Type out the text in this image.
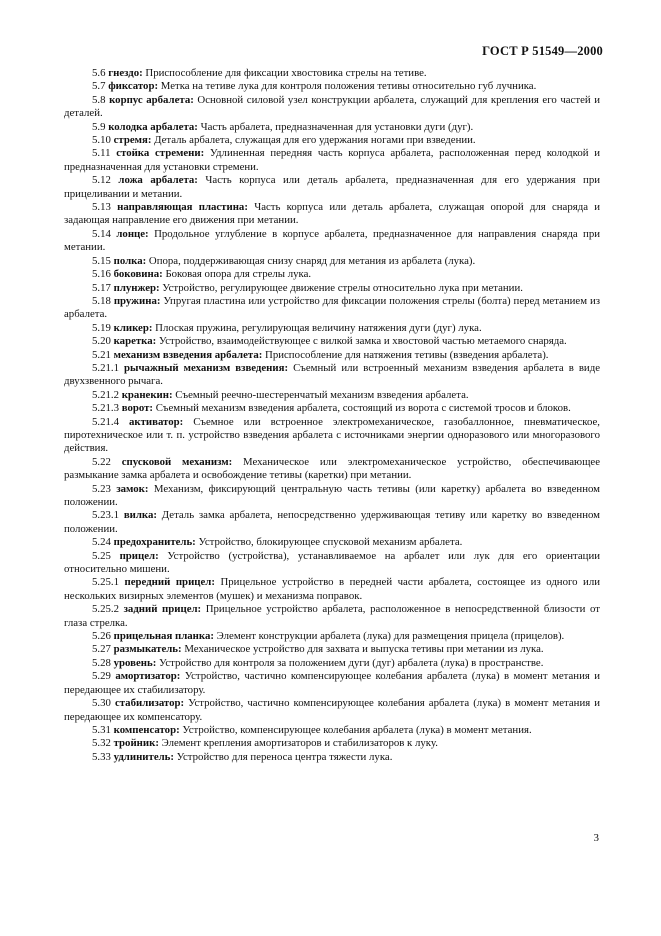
ГОСТ Р 51549—2000

5.6 гнездо: Приспособление для фиксации хвостовика стрелы на тетиве.

5.7 фиксатор: Метка на тетиве лука для контроля положения тетивы относительно губ лучника.

5.8 корпус арбалета: Основной силовой узел конструкции арбалета, служащий для крепления его частей и деталей.

5.9 колодка арбалета: Часть арбалета, предназначенная для установки дуги (дуг).

5.10 стремя: Деталь арбалета, служащая для его удержания ногами при взведении.

5.11 стойка стремени: Удлиненная передняя часть корпуса арбалета, расположенная перед колодкой и предназначенная для установки стремени.

5.12 ложа арбалета: Часть корпуса или деталь арбалета, предназначенная для его удержания при прицеливании и метании.

5.13 направляющая пластина: Часть корпуса или деталь арбалета, служащая опорой для снаряда и задающая направление его движения при метании.

5.14 лонце: Продольное углубление в корпусе арбалета, предназначенное для направления снаряда при метании.

5.15 полка: Опора, поддерживающая снизу снаряд для метания из арбалета (лука).

5.16 боковина: Боковая опора для стрелы лука.

5.17 плунжер: Устройство, регулирующее движение стрелы относительно лука при метании.

5.18 пружина: Упругая пластина или устройство для фиксации положения стрелы (болта) перед метанием из арбалета.

5.19 кликер: Плоская пружина, регулирующая величину натяжения дуги (дуг) лука.

5.20 каретка: Устройство, взаимодействующее с вилкой замка и хвостовой частью метаемого снаряда.

5.21 механизм взведения арбалета: Приспособление для натяжения тетивы (взведения арбалета).

5.21.1 рычажный механизм взведения: Съемный или встроенный механизм взведения арбалета в виде двухзвенного рычага.

5.21.2 кранекин: Съемный реечно-шестеренчатый механизм взведения арбалета.

5.21.3 ворот: Съемный механизм взведения арбалета, состоящий из ворота с системой тросов и блоков.

5.21.4 активатор: Съемное или встроенное электромеханическое, газобаллонное, пневматическое, пиротехническое или т. п. устройство взведения арбалета с источниками энергии одноразового или многоразового действия.

5.22 спусковой механизм: Механическое или электромеханическое устройство, обеспечивающее размыкание замка арбалета и освобождение тетивы (каретки) при метании.

5.23 замок: Механизм, фиксирующий центральную часть тетивы (или каретку) арбалета во взведенном положении.

5.23.1 вилка: Деталь замка арбалета, непосредственно удерживающая тетиву или каретку во взведенном положении.

5.24 предохранитель: Устройство, блокирующее спусковой механизм арбалета.

5.25 прицел: Устройство (устройства), устанавливаемое на арбалет или лук для его ориентации относительно мишени.

5.25.1 передний прицел: Прицельное устройство в передней части арбалета, состоящее из одного или нескольких визирных элементов (мушек) и механизма поправок.

5.25.2 задний прицел: Прицельное устройство арбалета, расположенное в непосредственной близости от глаза стрелка.

5.26 прицельная планка: Элемент конструкции арбалета (лука) для размещения прицела (прицелов).

5.27 размыкатель: Механическое устройство для захвата и выпуска тетивы при метании из лука.

5.28 уровень: Устройство для контроля за положением дуги (дуг) арбалета (лука) в пространстве.

5.29 амортизатор: Устройство, частично компенсирующее колебания арбалета (лука) в момент метания и передающее их стабилизатору.

5.30 стабилизатор: Устройство, частично компенсирующее колебания арбалета (лука) в момент метания и передающее их компенсатору.

5.31 компенсатор: Устройство, компенсирующее колебания арбалета (лука) в момент метания.

5.32 тройник: Элемент крепления амортизаторов и стабилизаторов к луку.

5.33 удлинитель: Устройство для переноса центра тяжести лука.

3
